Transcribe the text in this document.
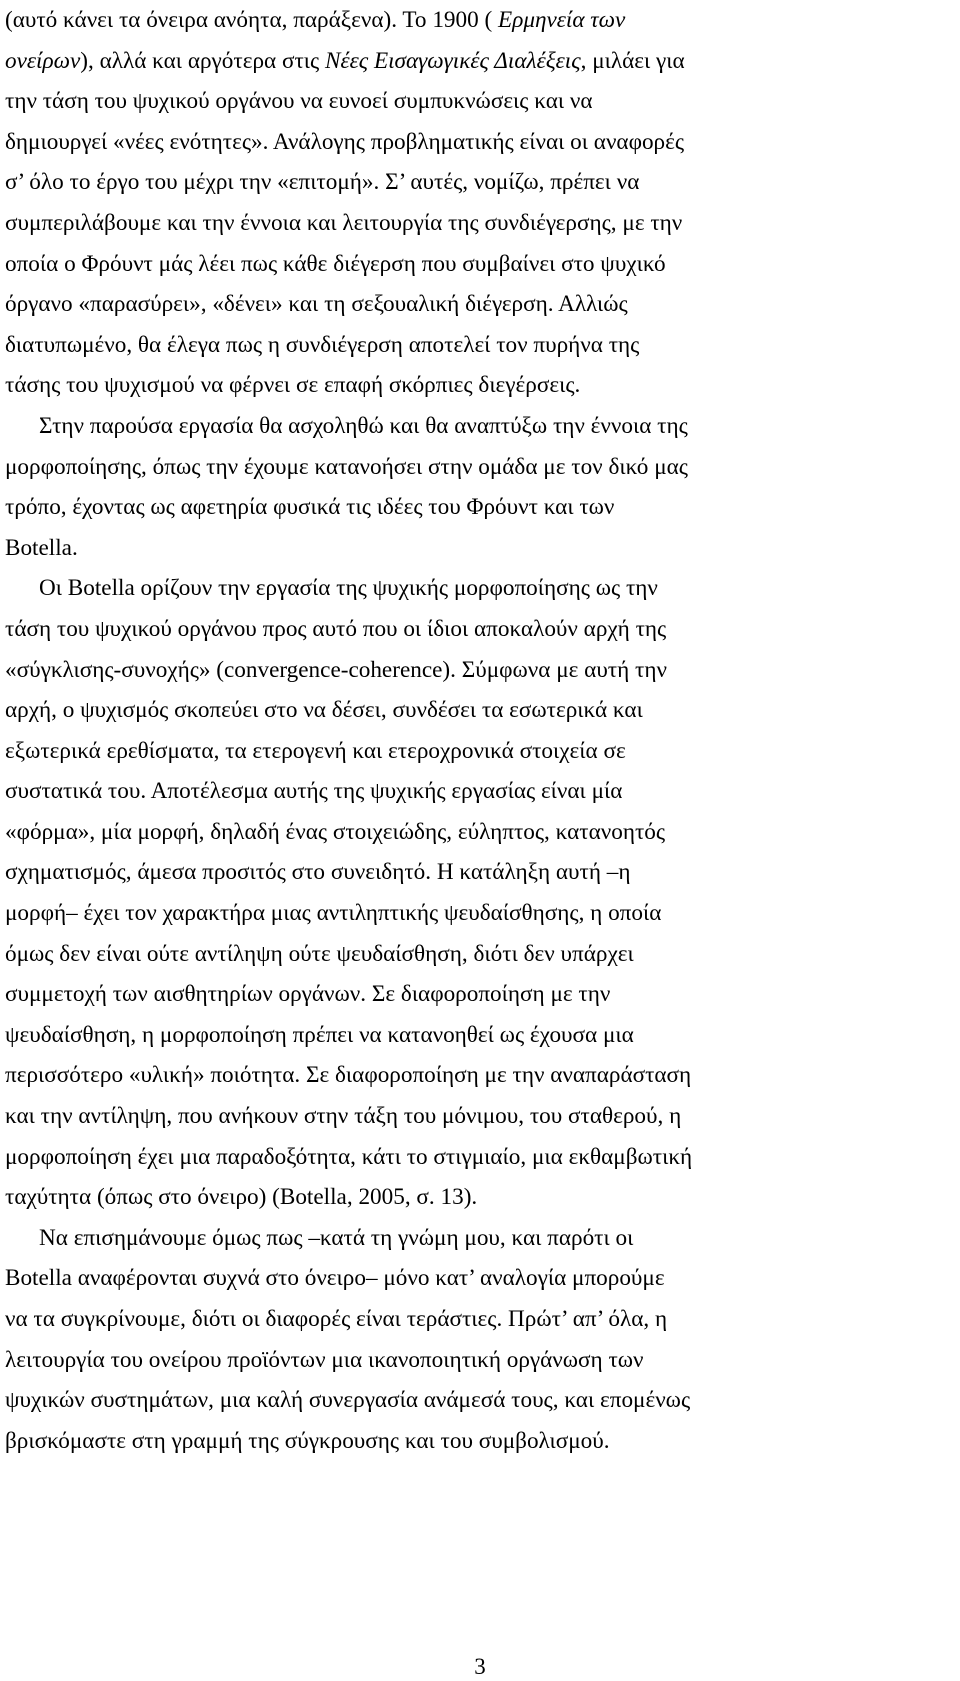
(αυτό κάνει τα όνειρα ανόητα, παράξενα). Το 1900 ( Ερμηνεία των
ονείρων), αλλά και αργότερα στις Νέες Εισαγωγικές Διαλέξεις, μιλάει για
την τάση του ψυχικού οργάνου να ευνοεί συμπυκνώσεις και να
δημιουργεί «νέες ενότητες». Ανάλογης προβληματικής είναι οι αναφορές
σ’ όλο το έργο του μέχρι την «επιτομή». Σ’ αυτές, νομίζω, πρέπει να
συμπεριλάβουμε και την έννοια και λειτουργία της συνδιέγερσης, με την
οποία ο Φρόυντ μάς λέει πως κάθε διέγερση που συμβαίνει στο ψυχικό
όργανο «παρασύρει», «δένει» και τη σεξουαλική διέγερση. Αλλιώς
διατυπωμένο, θα έλεγα πως η συνδιέγερση αποτελεί τον πυρήνα της
τάσης του ψυχισμού να φέρνει σε επαφή σκόρπιες διεγέρσεις.
Στην παρούσα εργασία θα ασχοληθώ και θα αναπτύξω την έννοια της
μορφοποίησης, όπως την έχουμε κατανοήσει στην ομάδα με τον δικό μας
τρόπο, έχοντας ως αφετηρία φυσικά τις ιδέες του Φρόυντ και των
Botella.
Οι Botella ορίζουν την εργασία της ψυχικής μορφοποίησης ως την
τάση του ψυχικού οργάνου προς αυτό που οι ίδιοι αποκαλούν αρχή της
«σύγκλισης-συνοχής» (convergence-coherence). Σύμφωνα με αυτή την
αρχή, ο ψυχισμός σκοπεύει στο να δέσει, συνδέσει τα εσωτερικά και
εξωτερικά ερεθίσματα, τα ετερογενή και ετεροχρονικά στοιχεία σε
συστατικά του. Αποτέλεσμα αυτής της ψυχικής εργασίας είναι μία
«φόρμα», μία μορφή, δηλαδή ένας στοιχειώδης, εύληπτος, κατανοητός
σχηματισμός, άμεσα προσιτός στο συνειδητό. Η κατάληξη αυτή –η
μορφή– έχει τον χαρακτήρα μιας αντιληπτικής ψευδαίσθησης, η οποία
όμως δεν είναι ούτε αντίληψη ούτε ψευδαίσθηση, διότι δεν υπάρχει
συμμετοχή των αισθητηρίων οργάνων. Σε διαφοροποίηση με την
ψευδαίσθηση, η μορφοποίηση πρέπει να κατανοηθεί ως έχουσα μια
περισσότερο «υλική» ποιότητα. Σε διαφοροποίηση με την αναπαράσταση
και την αντίληψη, που ανήκουν στην τάξη του μόνιμου, του σταθερού, η
μορφοποίηση έχει μια παραδοξότητα, κάτι το στιγμιαίο, μια εκθαμβωτική
ταχύτητα (όπως στο όνειρο) (Botella, 2005, σ. 13).
Να επισημάνουμε όμως πως –κατά τη γνώμη μου, και παρότι οι
Botella αναφέρονται συχνά στο όνειρο– μόνο κατ’ αναλογία μπορούμε
να τα συγκρίνουμε, διότι οι διαφορές είναι τεράστιες. Πρώτ’ απ’ όλα, η
λειτουργία του ονείρου προϊόντων μια ικανοποιητική οργάνωση των
ψυχικών συστημάτων, μια καλή συνεργασία ανάμεσά τους, και επομένως
βρισκόμαστε στη γραμμή της σύγκρουσης και του συμβολισμού.
3
